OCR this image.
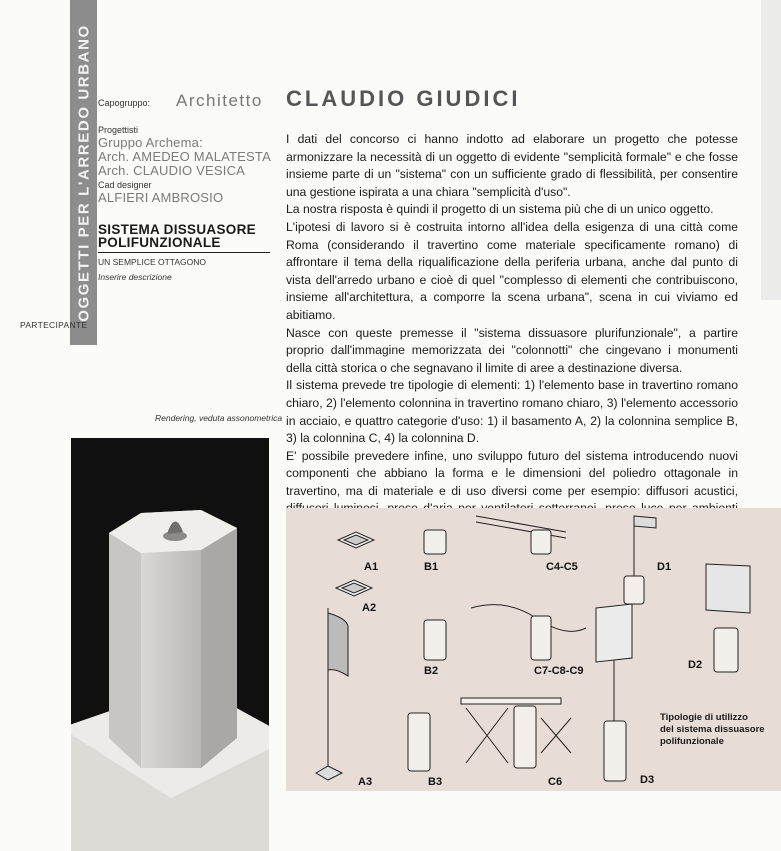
OGGETTI PER L'ARREDO URBANO
PARTECIPANTE
Capogruppo: Architetto CLAUDIO GIUDICI
Progettisti
Gruppo Archema:
Arch. AMEDEO MALATESTA
Arch. CLAUDIO VESICA
Cad designer
ALFIERI AMBROSIO
SISTEMA DISSUASORE
POLIFUNZIONALE
UN SEMPLICE OTTAGONO
Inserire descrizione

I dati del concorso ci hanno indotto ad elaborare un progetto che potesse armonizzare la necessità di un oggetto di evidente "semplicità formale" e che fosse insieme parte di un "sistema" con un sufficiente grado di flessibilità, per consentire una gestione ispirata a una chiara "semplicità d'uso".

La nostra risposta è quindi il progetto di un sistema più che di un unico oggetto.

L'ipotesi di lavoro si è costruita intorno all'idea della esigenza di una città come Roma (considerando il travertino come materiale specificamente romano) di affrontare il tema della riqualificazione della periferia urbana, anche dal punto di vista dell'arredo urbano e cioè di quel "complesso di elementi che contribuiscono, insieme all'architettura, a comporre la scena urbana", scena in cui viviamo ed abitiamo.

Nasce con queste premesse il "sistema dissuasore plurifunzionale", a partire proprio dall'immagine memorizzata dei "colonnotti" che cingevano i monumenti della città storica o che segnavano il limite di aree a destinazione diversa.

Il sistema prevede tre tipologie di elementi: 1) l'elemento base in travertino romano chiaro, 2) l'elemento colonnina in travertino romano chiaro, 3) l'elemento accessorio in acciaio, e quattro categorie d'uso: 1) il basamento A, 2) la colonnina semplice B, 3) la colonnina C, 4) la colonnina D.

E' possibile prevedere infine, uno sviluppo futuro del sistema introducendo nuovi componenti che abbiano la forma e le dimensioni del poliedro ottagonale in travertino, ma di materiale e di uso diversi come per esempio: diffusori acustici,

Rendering, veduta assonometrica
A1
A2
A3
B1
B2
B3
C4-C5
C7-C8-C9
C6
D1
D2
D3
Tipologie di utilizzo
del sistema dissuasore
polifunzionale
